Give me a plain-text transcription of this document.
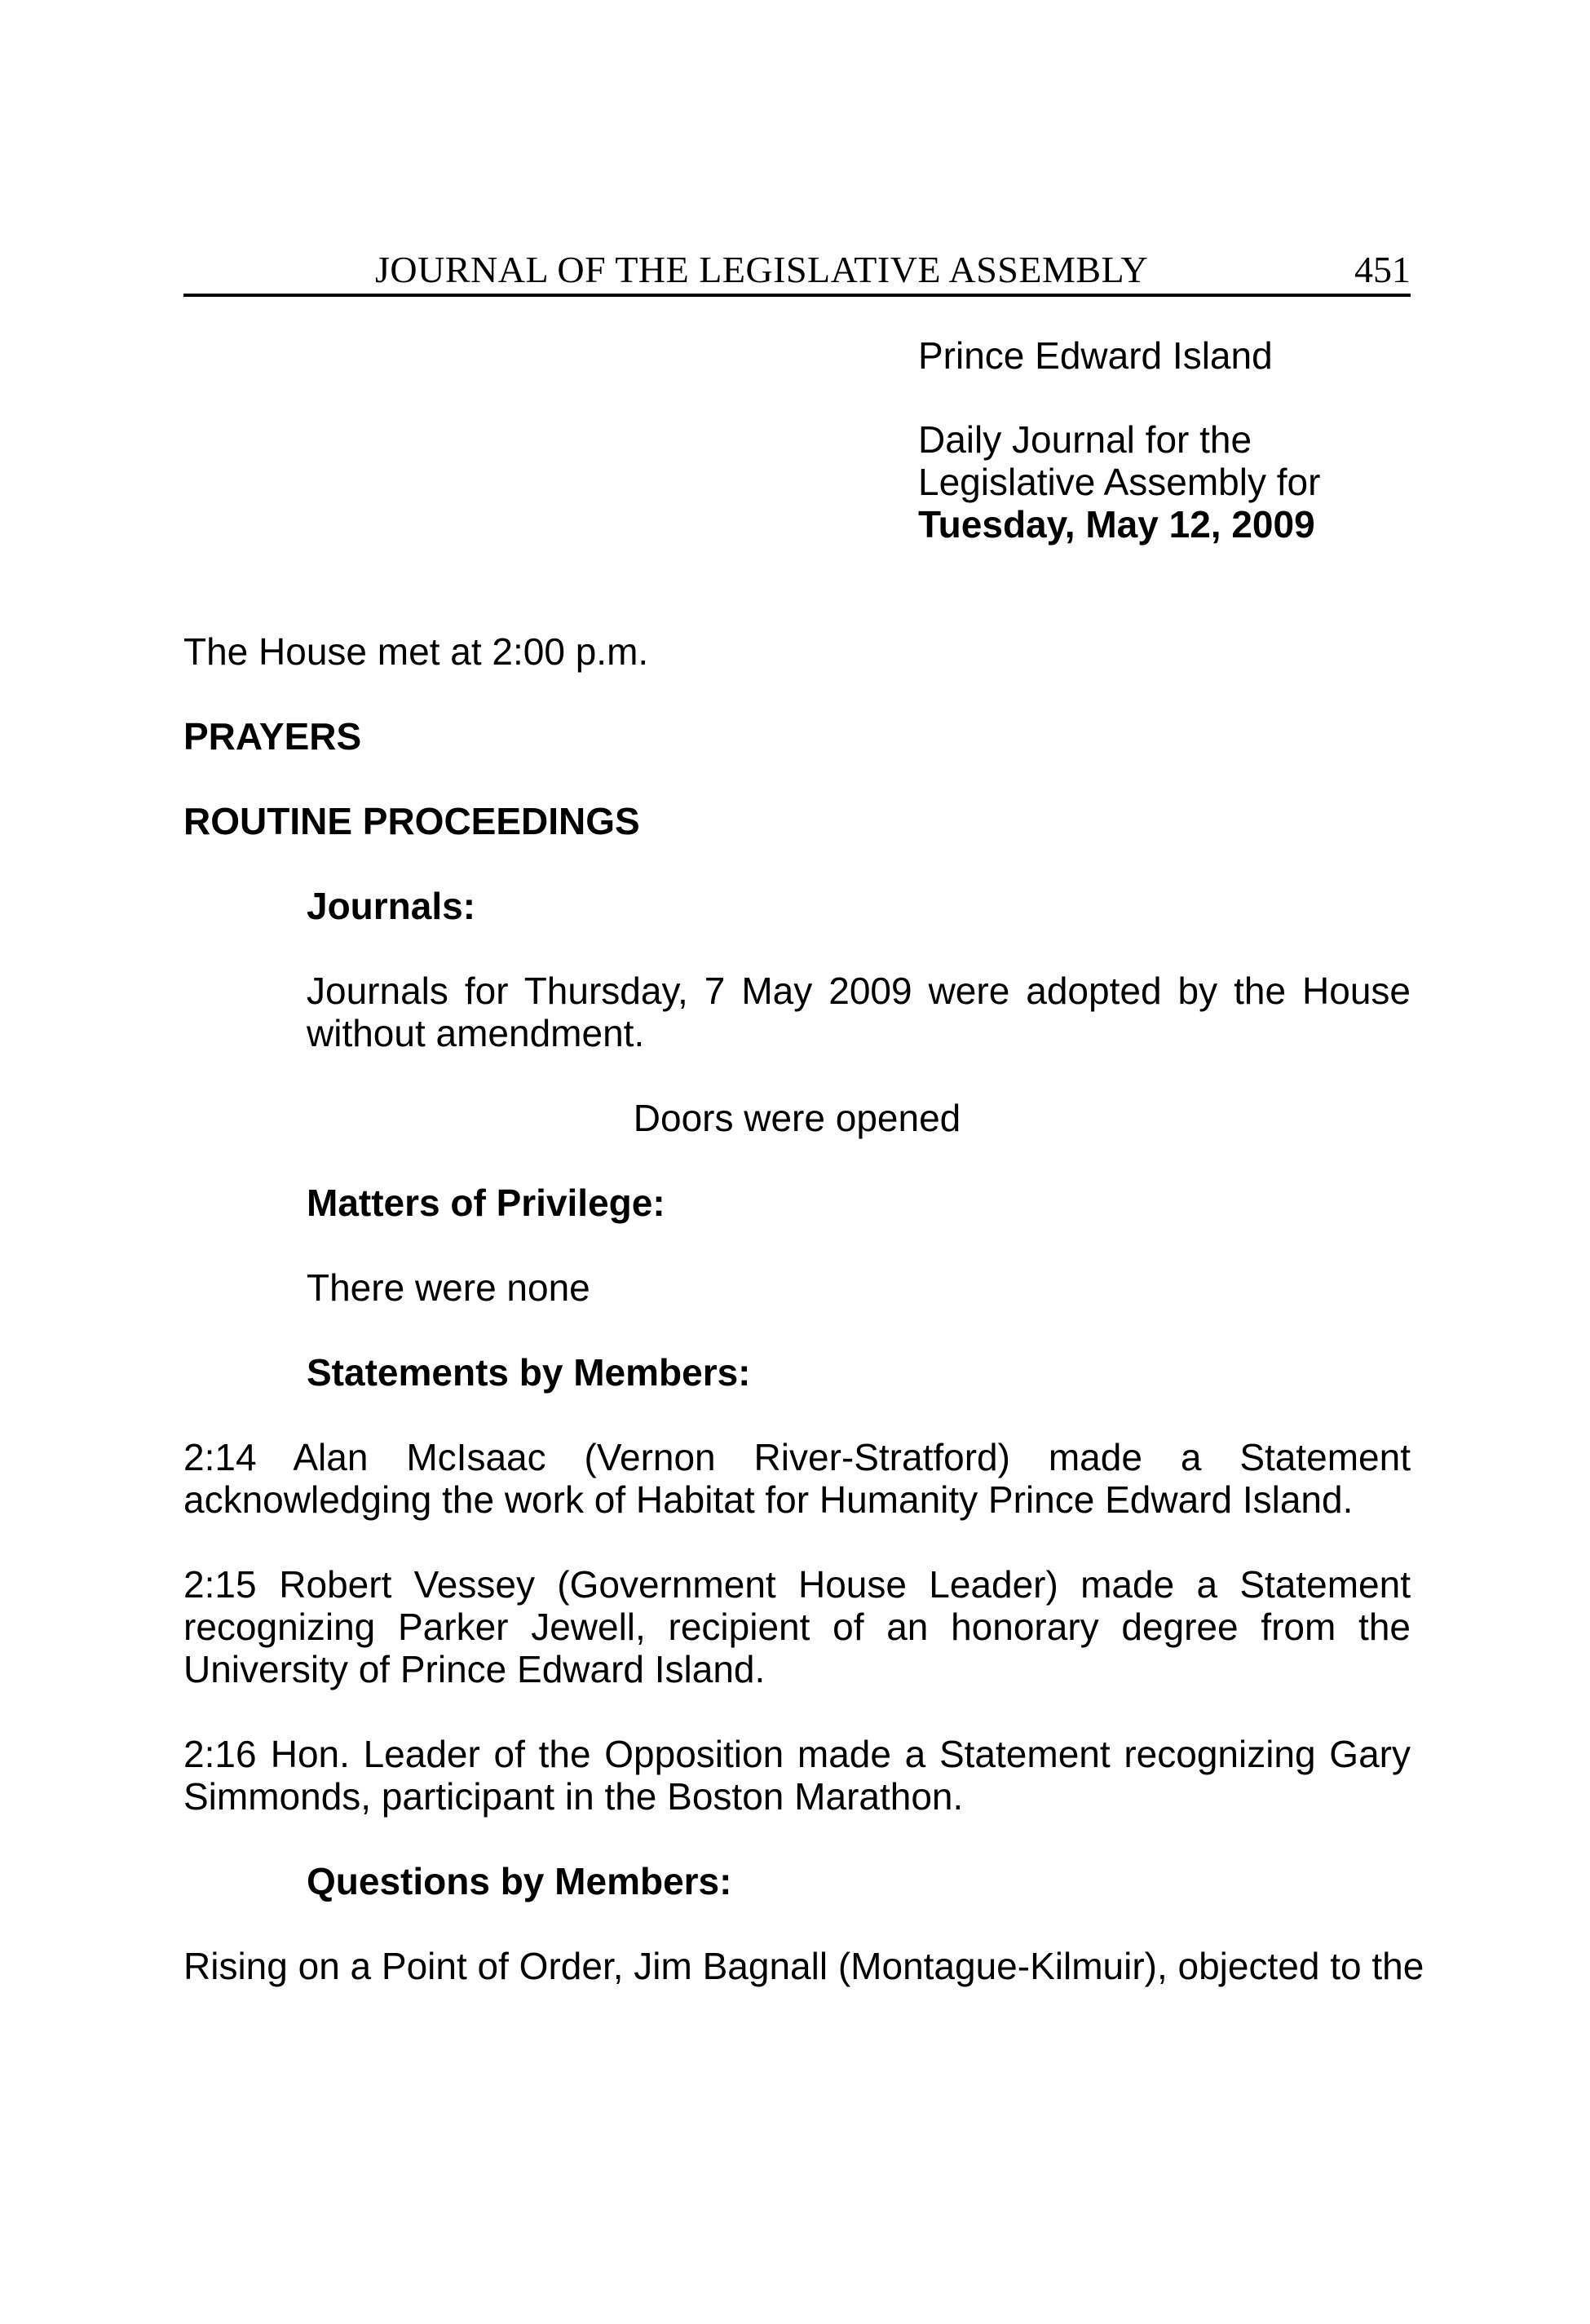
JOURNAL OF THE LEGISLATIVE ASSEMBLY	451
Prince Edward Island
Daily Journal for the
Legislative Assembly for
Tuesday, May 12, 2009
The House met at 2:00 p.m.
PRAYERS
ROUTINE PROCEEDINGS
Journals:
Journals for Thursday, 7 May 2009 were adopted by the House without amendment.
Doors were opened
Matters of Privilege:
There were none
Statements by Members:
2:14 Alan McIsaac (Vernon River-Stratford) made a Statement acknowledging the work of Habitat for Humanity Prince Edward Island.
2:15 Robert Vessey (Government House Leader) made a Statement recognizing Parker Jewell, recipient of an honorary degree from the University of Prince Edward Island.
2:16 Hon. Leader of the Opposition made a Statement recognizing Gary Simmonds, participant in the Boston Marathon.
Questions by Members:
Rising on a Point of Order, Jim Bagnall (Montague-Kilmuir), objected to the
